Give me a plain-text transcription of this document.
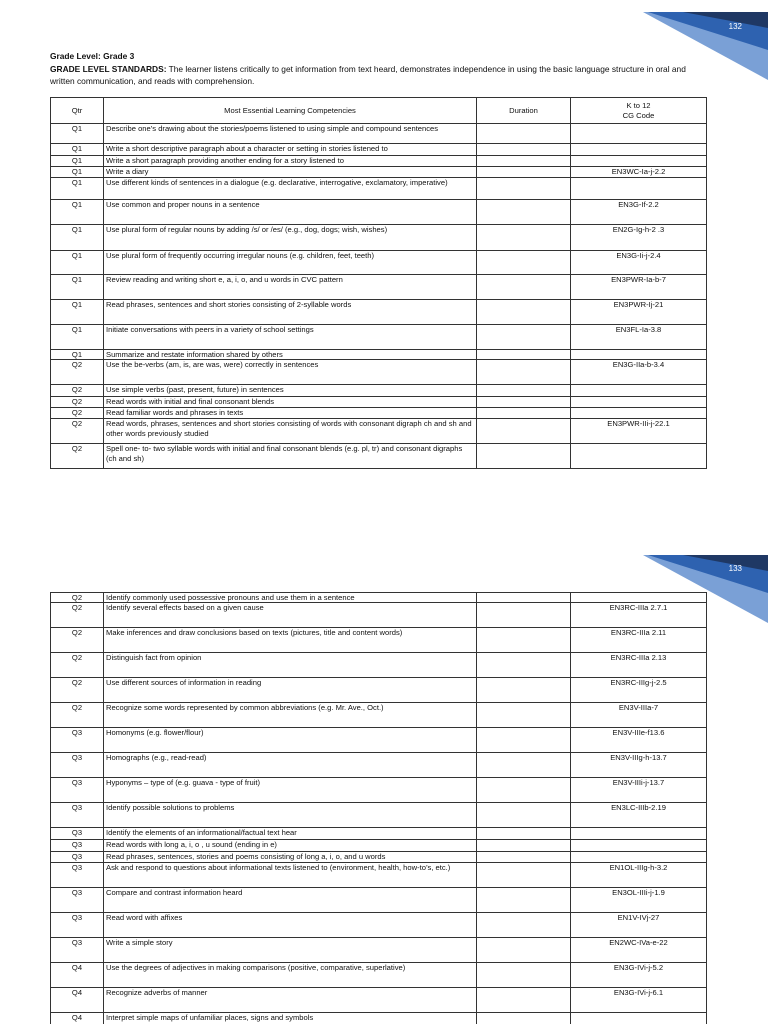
132
Grade Level: Grade 3
GRADE LEVEL STANDARDS: The learner listens critically to get information from text heard, demonstrates independence in using the basic language structure in oral and written communication, and reads with comprehension.
Qtr	Most Essential Learning Competencies	Duration	K to 12
CG Code
Q1	Describe one’s drawing about the stories/poems listened to using simple and compound sentences		
Q1	Write a short descriptive paragraph about a character or setting in stories listened to		
Q1	Write a short paragraph providing another ending for a story listened to		
Q1	Write a diary		EN3WC-Ia-j-2.2
Q1	Use different kinds of sentences in a dialogue (e.g. declarative, interrogative, exclamatory, imperative)		
Q1	Use common and proper nouns in a sentence		EN3G-If-2.2
Q1	Use plural form of regular nouns by adding /s/ or /es/ (e.g., dog, dogs; wish, wishes)		EN2G-Ig-h-2 .3
Q1	Use plural form of frequently occurring irregular nouns (e.g. children, feet, teeth)		EN3G-Ii-j-2.4
Q1	Review reading and writing short e, a, i, o, and u words in CVC pattern		EN3PWR-Ia-b-7
Q1	Read phrases, sentences and short stories consisting of 2-syllable words		EN3PWR-Ij-21
Q1	Initiate conversations with peers in a variety of school settings		EN3FL-Ia-3.8
Q1	Summarize and restate information shared by others		
Q2	Use the be-verbs (am, is, are was, were) correctly in sentences		EN3G-IIa-b-3.4
Q2	Use simple verbs (past, present, future) in sentences		
Q2	Read words with initial and final consonant blends		
Q2	Read familiar words and phrases in texts		
Q2	Read words, phrases, sentences and short stories consisting of words with consonant digraph ch and sh and other words previously studied		EN3PWR-IIi-j-22.1
Q2	Spell one- to- two syllable words with initial and final consonant blends (e.g. pl, tr) and consonant digraphs (ch and sh)		
133
Q2	Identify commonly used possessive pronouns and use them in a sentence		
Q2	Identify several effects based on a given cause		EN3RC-IIIa 2.7.1
Q2	Make inferences and draw conclusions based on texts (pictures, title and content words)		EN3RC-IIIa 2.11
Q2	Distinguish fact from opinion		EN3RC-IIIa 2.13
Q2	Use different sources of information in reading		EN3RC-IIIg-j-2.5
Q2	Recognize some words represented by common abbreviations (e.g. Mr. Ave., Oct.)		EN3V-IIIa-7
Q3	Homonyms (e.g. flower/flour)		EN3V-IIIe-f13.6
Q3	Homographs (e.g., read-read)		EN3V-IIIg-h-13.7
Q3	Hyponyms – type of (e.g. guava - type of fruit)		EN3V-IIIi-j-13.7
Q3	Identify possible solutions to problems		EN3LC-IIIb-2.19
Q3	Identify the elements of an informational/factual text hear		
Q3	Read words with long a, i, o , u sound (ending in e)		
Q3	Read phrases, sentences, stories and poems consisting of long a, i, o, and u words		
Q3	Ask and respond to questions about informational texts listened to (environment, health, how-to’s, etc.)		EN1OL-IIIg-h-3.2
Q3	Compare and contrast information heard		EN3OL-IIIi-j-1.9
Q3	Read word with affixes		EN1V-IVj-27
Q3	Write a simple story		EN2WC-IVa-e-22
Q4	Use the degrees of adjectives in making comparisons (positive, comparative, superlative)		EN3G-IVi-j-5.2
Q4	Recognize adverbs of manner		EN3G-IVi-j-6.1
Q4	Interpret simple maps of unfamiliar places, signs and symbols		
